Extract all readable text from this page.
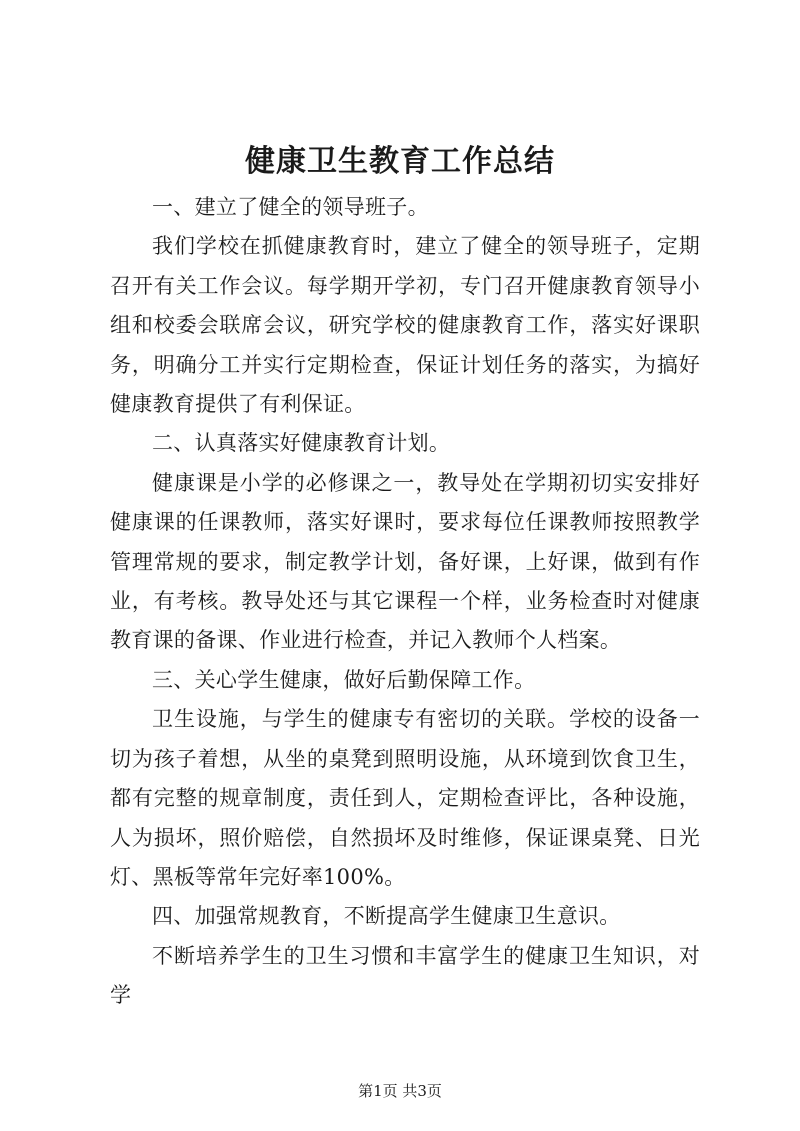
健康卫生教育工作总结

一、建立了健全的领导班子。

我们学校在抓健康教育时，建立了健全的领导班子，定期召开有关工作会议。每学期开学初，专门召开健康教育领导小组和校委会联席会议，研究学校的健康教育工作，落实好课职务，明确分工并实行定期检查，保证计划任务的落实，为搞好健康教育提供了有利保证。

二、认真落实好健康教育计划。

健康课是小学的必修课之一，教导处在学期初切实安排好健康课的任课教师，落实好课时，要求每位任课教师按照教学管理常规的要求，制定教学计划，备好课，上好课，做到有作业，有考核。教导处还与其它课程一个样，业务检查时对健康教育课的备课、作业进行检查，并记入教师个人档案。

三、关心学生健康，做好后勤保障工作。

卫生设施，与学生的健康专有密切的关联。学校的设备一切为孩子着想，从坐的桌凳到照明设施，从环境到饮食卫生，都有完整的规章制度，责任到人，定期检查评比，各种设施，人为损坏，照价赔偿，自然损坏及时维修，保证课桌凳、日光灯、黑板等常年完好率100%。

四、加强常规教育，不断提高学生健康卫生意识。

不断培养学生的卫生习惯和丰富学生的健康卫生知识，对学

第1页 共3页
